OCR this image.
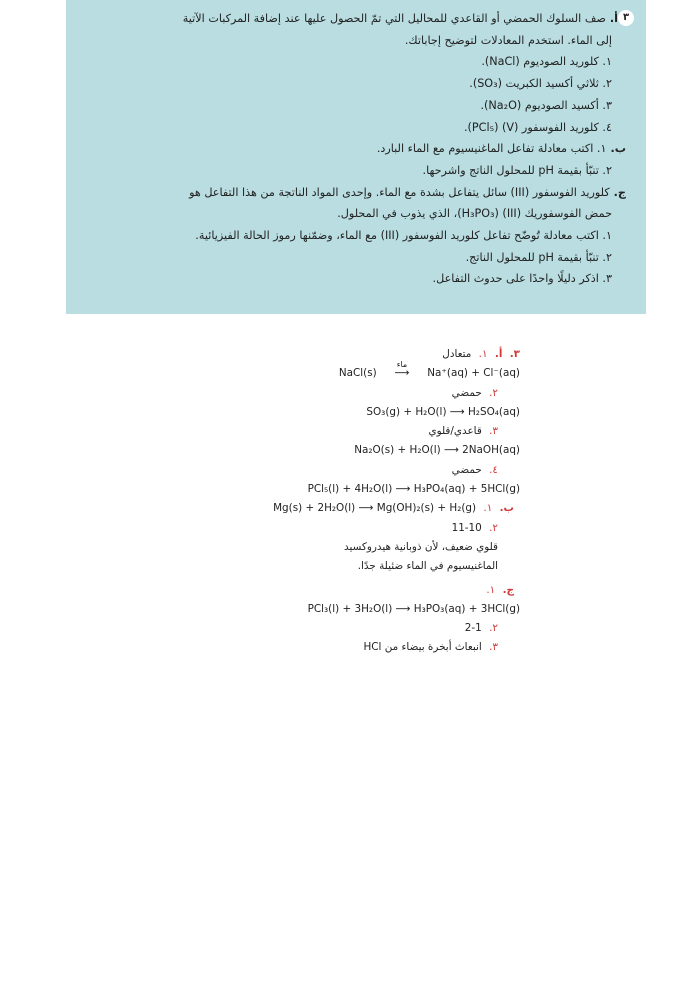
٣
أ.صف السلوك الحمضي أو القاعدي للمحاليل التي تمّ الحصول عليها عند إضافة المركبات الآتية
إلى الماء. استخدم المعادلات لتوضيح إجاباتك.
١. كلوريد الصوديوم (NaCl).
٢. ثلاثي أكسيد الكبريت (SO₃).
٣. أكسيد الصوديوم (Na₂O).
٤. كلوريد الفوسفور (V) (PCl₅).
ب.١. اكتب معادلة تفاعل الماغنيسيوم مع الماء البارد.
٢. تنبّأ بقيمة pH للمحلول الناتج واشرحها.
ج.كلوريد الفوسفور (III) سائل يتفاعل بشدة مع الماء. وإحدى المواد الناتجة من هذا التفاعل هو
حمض الفوسفوريك (III) (H₃PO₃)، الذي يذوب في المحلول.
١. اكتب معادلة تُوضّح تفاعل كلوريد الفوسفور (III) مع الماء، وضمّنها رموز الحالة الفيزيائية.
٢. تنبّأ بقيمة pH للمحلول الناتج.
٣. اذكر دليلًا واحدًا على حدوث التفاعل.
٣. أ. ١. متعادل
NaCl(s)
ماء
⟶ Na⁺(aq) + Cl⁻(aq)
٢. حمضي
SO₃(g) + H₂O(l) ⟶ H₂SO₄(aq)
٣. قاعدي/قلوي
Na₂O(s) + H₂O(l) ⟶ 2NaOH(aq)
٤. حمضي
PCl₅(l) + 4H₂O(l) ⟶ H₃PO₄(aq) + 5HCl(g)
ب. ١. Mg(s) + 2H₂O(l) ⟶ Mg(OH)₂(s) + H₂(g)
٢. 11-10
قلوي ضعيف، لأن ذوبانية هيدروكسيد
الماغنيسيوم في الماء ضئيلة جدًا.
ج. ١.
PCl₃(l) + 3H₂O(l) ⟶ H₃PO₃(aq) + 3HCl(g)
٢. 2-1
٣. انبعاث أبخرة بيضاء من HCl
